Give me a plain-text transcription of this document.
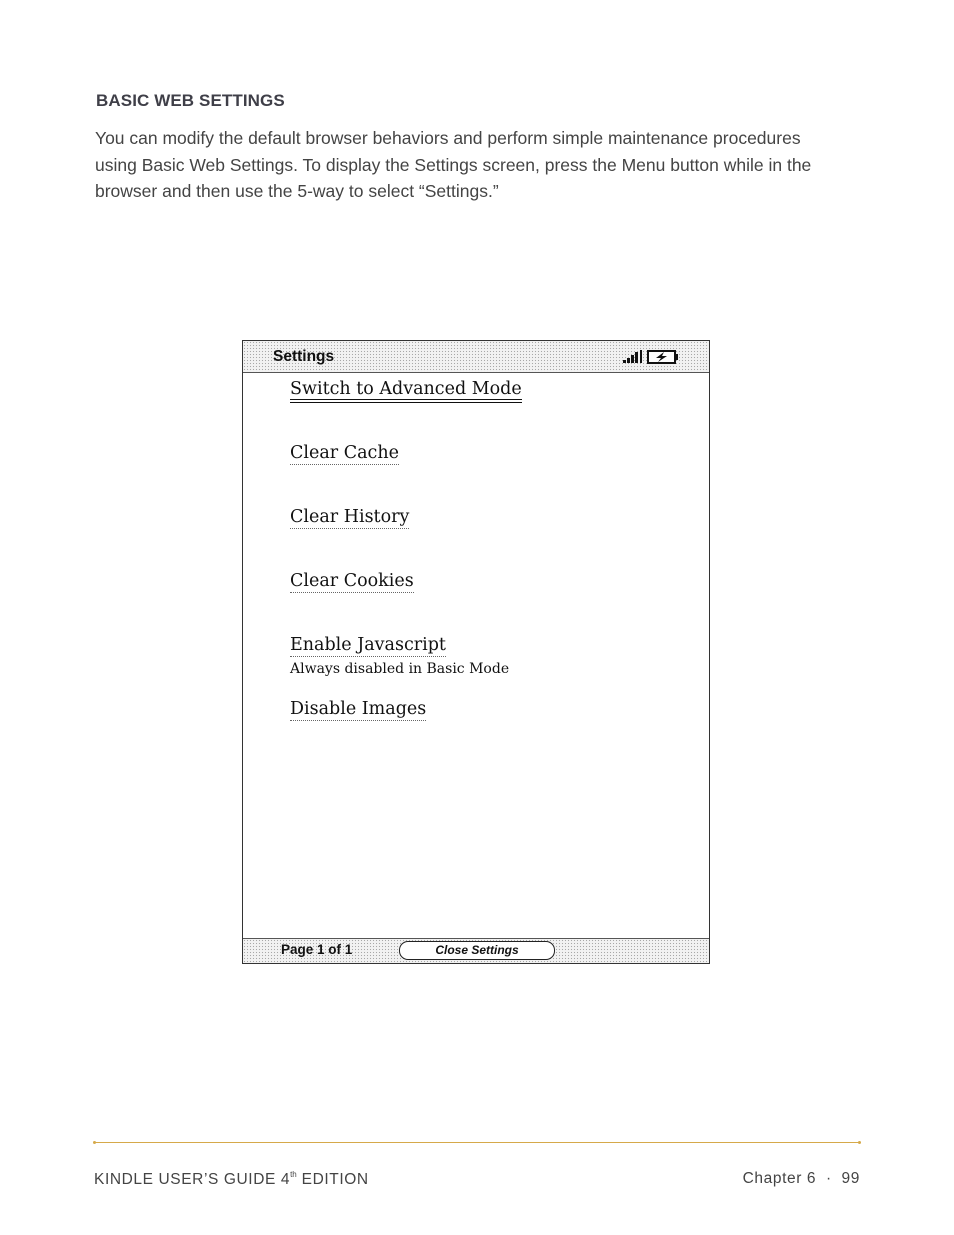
BASIC WEB SETTINGS

You can modify the default browser behaviors and perform simple maintenance procedures using Basic Web Settings. To display the Settings screen, press the Menu button while in the browser and then use the 5-way to select “Settings.”

Settings
Switch to Advanced Mode
Clear Cache
Clear History
Clear Cookies
Enable Javascript
Always disabled in Basic Mode
Disable Images
Page 1 of 1	Close Settings
KINDLE USER’S GUIDE 4th EDITION	Chapter 6 · 99
